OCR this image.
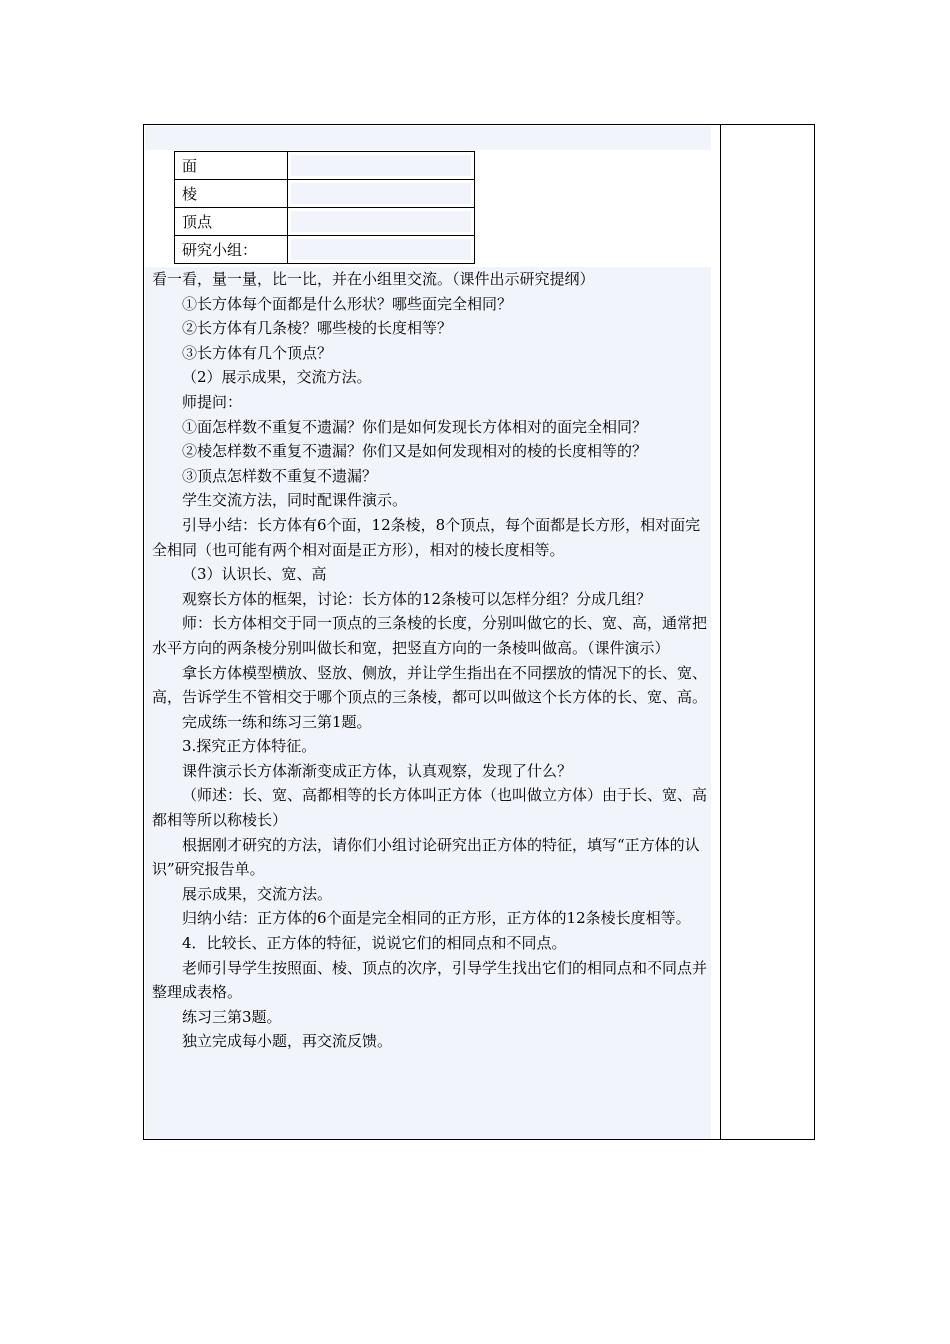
面	

棱	

顶点	

研究小组：	

看一看，量一量，比一比，并在小组里交流。（课件出示研究提纲）

①长方体每个面都是什么形状？哪些面完全相同？

②长方体有几条棱？哪些棱的长度相等？

③长方体有几个顶点？

（2）展示成果，交流方法。

师提问：

①面怎样数不重复不遗漏？你们是如何发现长方体相对的面完全相同？

②棱怎样数不重复不遗漏？你们又是如何发现相对的棱的长度相等的？

③顶点怎样数不重复不遗漏？

学生交流方法，同时配课件演示。

引导小结：长方体有6个面，12条棱，8个顶点，每个面都是长方形，相对面完全相同（也可能有两个相对面是正方形），相对的棱长度相等。

（3）认识长、宽、高

观察长方体的框架，讨论：长方体的12条棱可以怎样分组？分成几组？

师：长方体相交于同一顶点的三条棱的长度，分别叫做它的长、宽、高，通常把水平方向的两条棱分别叫做长和宽，把竖直方向的一条棱叫做高。（课件演示）

拿长方体模型横放、竖放、侧放，并让学生指出在不同摆放的情况下的长、宽、高，告诉学生不管相交于哪个顶点的三条棱，都可以叫做这个长方体的长、宽、高。

完成练一练和练习三第1题。

3.探究正方体特征。

课件演示长方体渐渐变成正方体，认真观察，发现了什么？

（师述：长、宽、高都相等的长方体叫正方体（也叫做立方体）由于长、宽、高都相等所以称棱长）

根据刚才研究的方法，请你们小组讨论研究出正方体的特征，填写“正方体的认识”研究报告单。

展示成果，交流方法。

归纳小结：正方体的6个面是完全相同的正方形，正方体的12条棱长度相等。

4．比较长、正方体的特征，说说它们的相同点和不同点。

老师引导学生按照面、棱、顶点的次序，引导学生找出它们的相同点和不同点并整理成表格。

练习三第3题。

独立完成每小题，再交流反馈。
